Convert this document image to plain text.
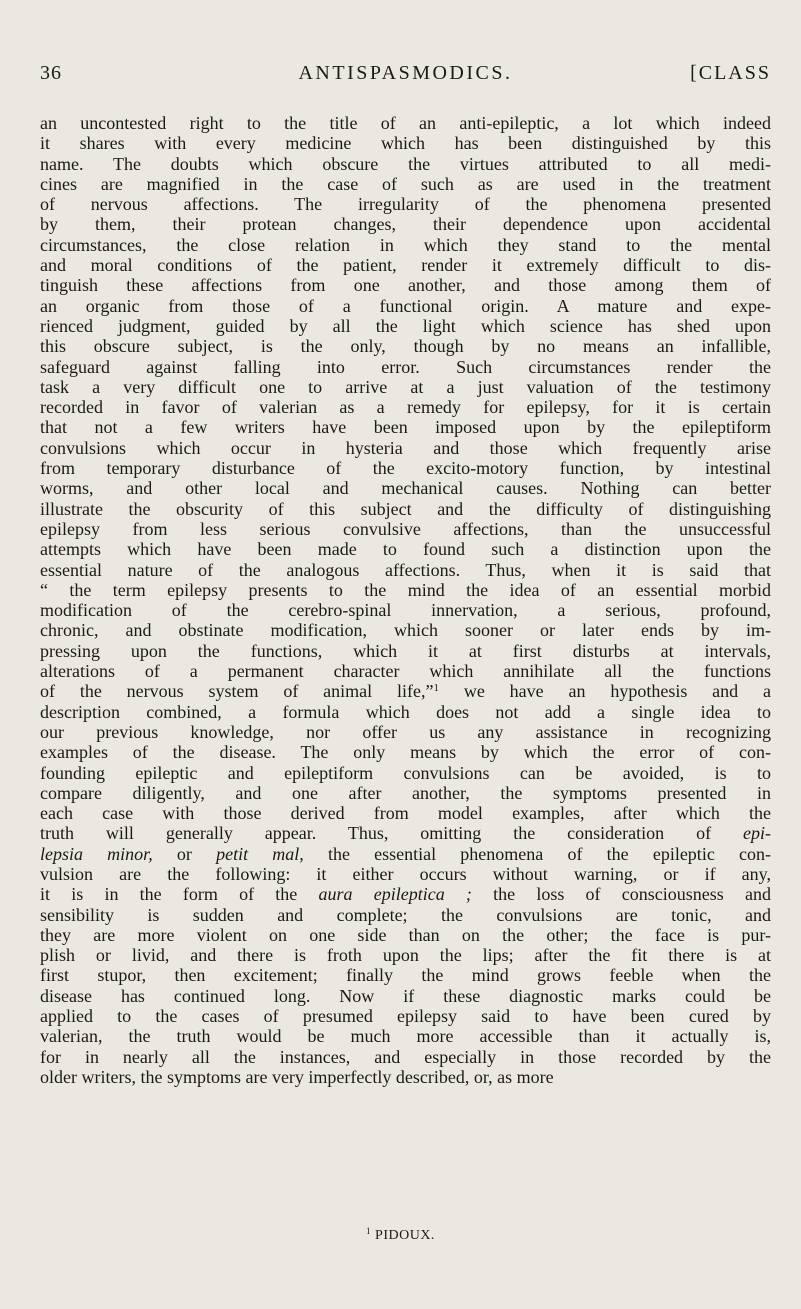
36	ANTISPASMODICS.	[CLASS
an uncontested right to the title of an anti-epileptic, a lot which indeed
it shares with every medicine which has been distinguished by this
name. The doubts which obscure the virtues attributed to all medi-
cines are magnified in the case of such as are used in the treatment
of nervous affections. The irregularity of the phenomena presented
by them, their protean changes, their dependence upon accidental
circumstances, the close relation in which they stand to the mental
and moral conditions of the patient, render it extremely difficult to dis-
tinguish these affections from one another, and those among them of
an organic from those of a functional origin. A mature and expe-
rienced judgment, guided by all the light which science has shed upon
this obscure subject, is the only, though by no means an infallible,
safeguard against falling into error. Such circumstances render the
task a very difficult one to arrive at a just valuation of the testimony
recorded in favor of valerian as a remedy for epilepsy, for it is certain
that not a few writers have been imposed upon by the epileptiform
convulsions which occur in hysteria and those which frequently arise
from temporary disturbance of the excito-motory function, by intestinal
worms, and other local and mechanical causes. Nothing can better
illustrate the obscurity of this subject and the difficulty of distinguishing
epilepsy from less serious convulsive affections, than the unsuccessful
attempts which have been made to found such a distinction upon the
essential nature of the analogous affections. Thus, when it is said that
“ the term epilepsy presents to the mind the idea of an essential morbid
modification of the cerebro-spinal innervation, a serious, profound,
chronic, and obstinate modification, which sooner or later ends by im-
pressing upon the functions, which it at first disturbs at intervals,
alterations of a permanent character which annihilate all the functions
of the nervous system of animal life,”$^1$ we have an hypothesis and a
description combined, a formula which does not add a single idea to
our previous knowledge, nor offer us any assistance in recognizing
examples of the disease. The only means by which the error of con-
founding epileptic and epileptiform convulsions can be avoided, is to
compare diligently, and one after another, the symptoms presented in
each case with those derived from model examples, after which the
truth will generally appear. Thus, omitting the consideration of epi-
lepsia minor, or petit mal, the essential phenomena of the epileptic con-
vulsion are the following: it either occurs without warning, or if any,
it is in the form of the aura epileptica ; the loss of consciousness and
sensibility is sudden and complete; the convulsions are tonic, and
they are more violent on one side than on the other; the face is pur-
plish or livid, and there is froth upon the lips; after the fit there is at
first stupor, then excitement; finally the mind grows feeble when the
disease has continued long. Now if these diagnostic marks could be
applied to the cases of presumed epilepsy said to have been cured by
valerian, the truth would be much more accessible than it actually is,
for in nearly all the instances, and especially in those recorded by the
older writers, the symptoms are very imperfectly described, or, as more
$^1$ PIDOUX.
